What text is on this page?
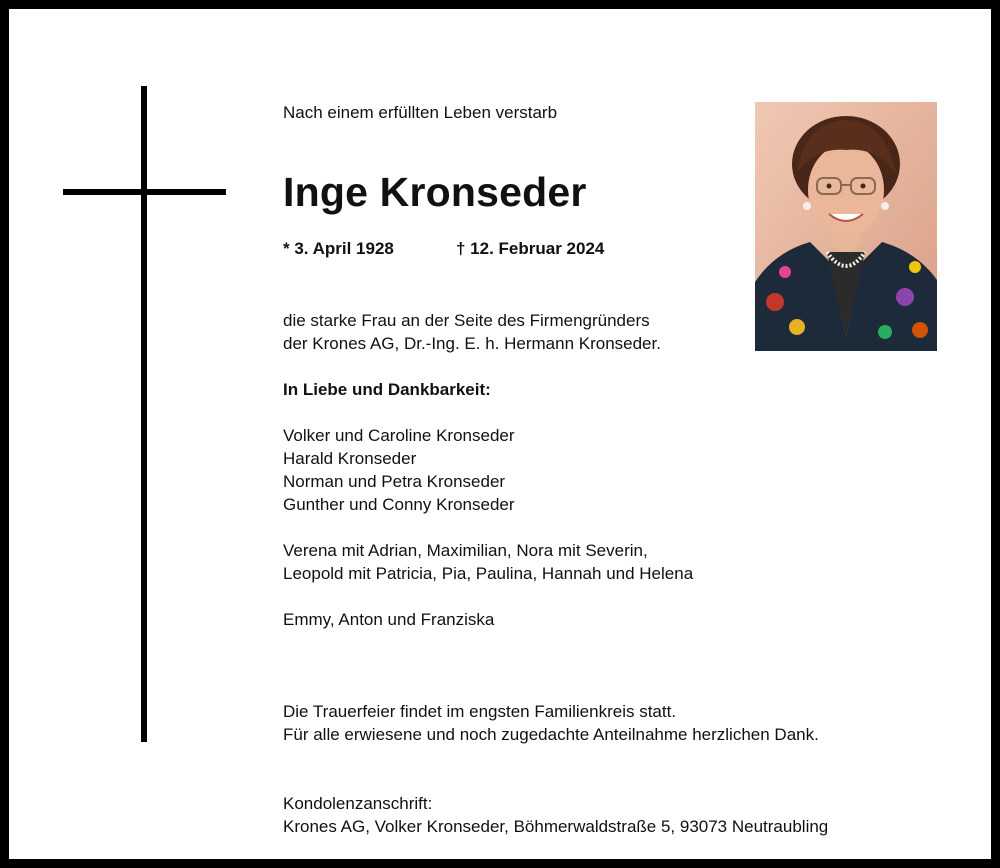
Nach einem erfüllten Leben verstarb
Inge Kronseder
* 3. April 1928	† 12. Februar 2024
die starke Frau an der Seite des Firmengründers
der Krones AG, Dr.-Ing. E. h. Hermann Kronseder.
In Liebe und Dankbarkeit:
Volker und Caroline Kronseder
Harald Kronseder
Norman und Petra Kronseder
Gunther und Conny Kronseder
Verena mit Adrian, Maximilian, Nora mit Severin,
Leopold mit Patricia, Pia, Paulina, Hannah und Helena
Emmy, Anton und Franziska
Die Trauerfeier findet im engsten Familienkreis statt.
Für alle erwiesene und noch zugedachte Anteilnahme herzlichen Dank.
Kondolenzanschrift:
Krones AG, Volker Kronseder, Böhmerwaldstraße 5, 93073 Neutraubling
